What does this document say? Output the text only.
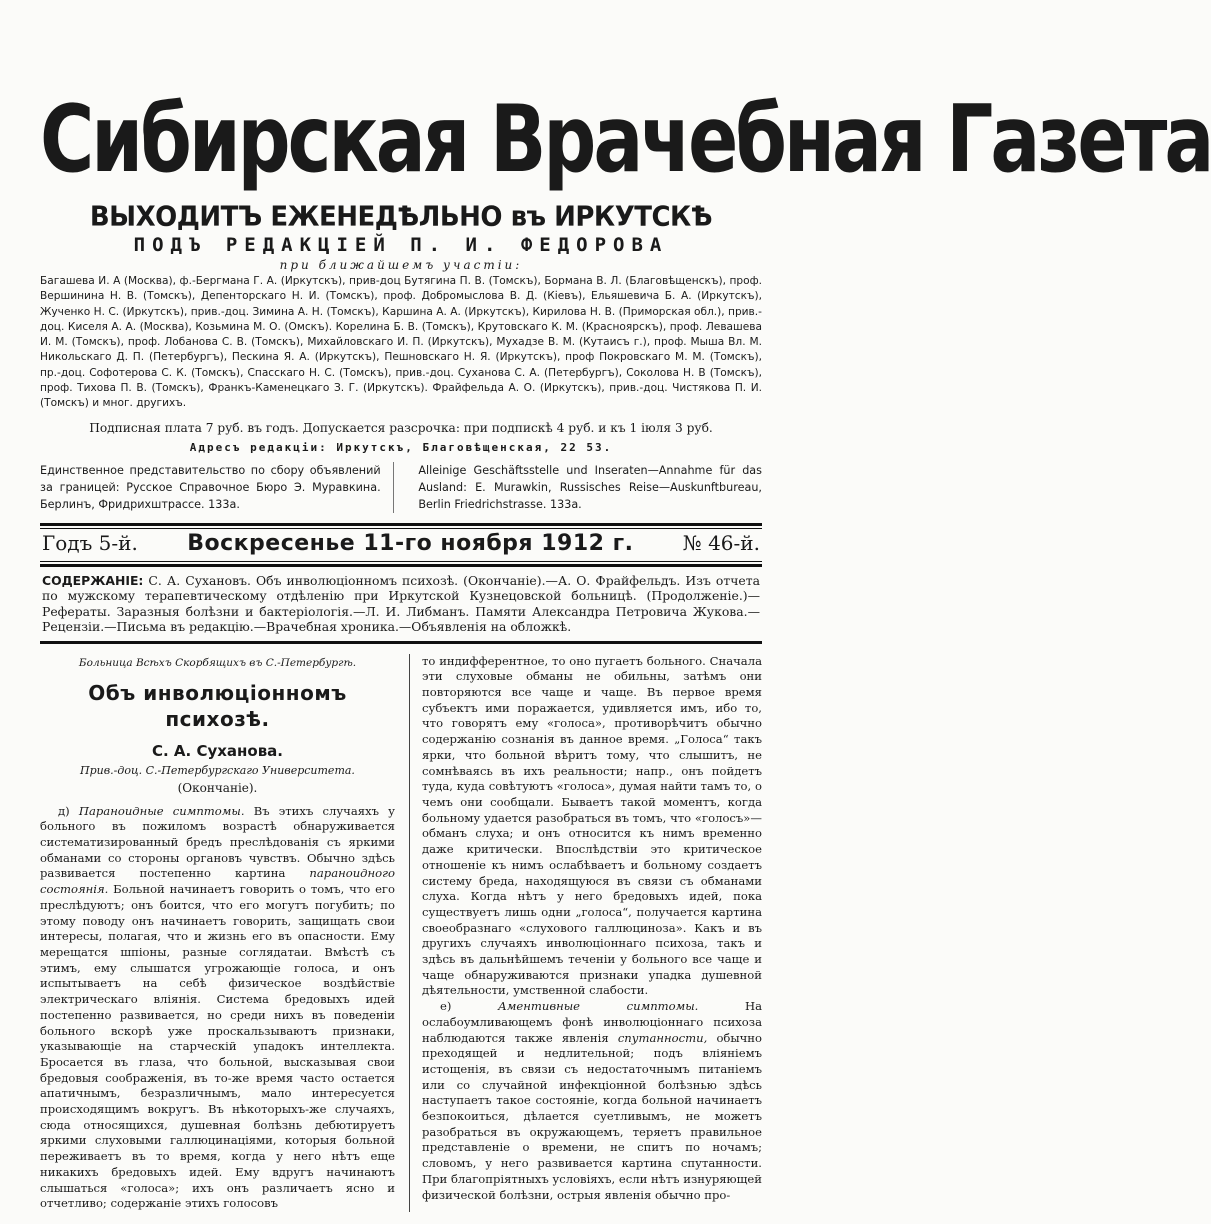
Сибирская Врачебная Газета
ВЫХОДИТЪ ЕЖЕНЕДѢЛЬНО въ ИРКУТСКѢ
ПОДЪ РЕДАКЦІЕЙ П. И. ФЕДОРОВА
при ближайшемъ участіи:
Багашева И. А (Москва), ф.-Бергмана Г. А. (Иркутскъ), прив-доц Бутягина П. В. (Томскъ), Бормана В. Л. (Благовѣщенскъ), проф. Вершинина Н. В. (Томскъ), Депенторскаго Н. И. (Томскъ), проф. Добромыслова В. Д. (Кіевъ), Ельяшевича Б. А. (Иркутскъ), Жученко Н. С. (Иркутскъ), прив.-доц. Зимина А. Н. (Томскъ), Каршина А. А. (Иркутскъ), Кирилова Н. В. (Приморская обл.), прив.-доц. Киселя А. А. (Москва), Козьмина М. О. (Омскъ). Корелина Б. В. (Томскъ), Крутовскаго К. М. (Красноярскъ), проф. Левашева И. М. (Томскъ), проф. Лобанова С. В. (Томскъ), Михайловскаго И. П. (Иркутскъ), Мухадзе В. М. (Кутаисъ г.), проф. Мыша Вл. М. Никольскаго Д. П. (Петербургъ), Пескина Я. А. (Иркутскъ), Пешновскаго Н. Я. (Иркутскъ), проф Покровскаго М. М. (Томскъ), пр.-доц. Софотерова С. К. (Томскъ), Спасскаго Н. С. (Томскъ), прив.-доц. Суханова С. А. (Петербургъ), Соколова Н. В (Томскъ), проф. Тихова П. В. (Томскъ), Франкъ-Каменецкаго З. Г. (Иркутскъ). Фрайфельда А. О. (Иркутскъ), прив.-доц. Чистякова П. И. (Томскъ) и мног. другихъ.
Подписная плата 7 руб. въ годъ. Допускается разсрочка: при подпискѣ 4 руб. и къ 1 іюля 3 руб.
Адресъ редакціи: Иркутскъ, Благовѣщенская, 22 53.
Единственное представительство по сбору объявлений за границей: Русское Справочное Бюро Э. Муравкина. Берлинъ, Фридрихштрассе. 133а.
Alleinige Geschäftsstelle und Inseraten—Annahme für das Ausland: E. Murawkin, Russisches Reise—Auskunftbureau, Berlin Friedrichstrasse. 133a.
Годъ 5-й. Воскресенье 11-го ноября 1912 г. № 46-й.
СОДЕРЖАНІЕ: С. А. Сухановъ. Объ инволюціонномъ психозѣ. (Окончаніе).—А. О. Фрайфельдъ. Изъ отчета по мужскому терапевтическому отдѣленію при Иркутской Кузнецовской больницѣ. (Продолженіе.)—Рефераты. Заразныя болѣзни и бактеріологія.—Л. И. Либманъ. Памяти Александра Петровича Жукова.—Рецензіи.—Письма въ редакцію.—Врачебная хроника.—Объявленія на обложкѣ.
Больница Всѣхъ Скорбящихъ въ С.-Петербургѣ.
Объ инволюціонномъ психозѣ.
С. А. Суханова.
Прив.-доц. С.-Петербургскаго Университета.
(Окончаніе).

д) Параноидные симптомы. Въ этихъ случаяхъ у больного въ пожиломъ возрастѣ обнаруживается систематизированный бредъ преслѣдованія съ яркими обманами со стороны органовъ чувствъ. Обычно здѣсь развивается постепенно картина параноидного состоянія. Больной начинаетъ говорить о томъ, что его преслѣдуютъ; онъ боится, что его могутъ погубить; по этому поводу онъ начинаетъ говорить, защищать свои интересы, полагая, что и жизнь его въ опасности. Ему мерещатся шпіоны, разные соглядатаи. Вмѣстѣ съ этимъ, ему слышатся угрожающіе голоса, и онъ испытываетъ на себѣ физическое воздѣйствіе электрическаго вліянія. Система бредовыхъ идей постепенно развивается, но среди нихъ въ поведеніи больного вскорѣ уже проскальзываютъ признаки, указывающіе на старческій упадокъ интеллекта. Бросается въ глаза, что больной, высказывая свои бредовыя соображенія, въ то-же время часто остается апатичнымъ, безразличнымъ, мало интересуется происходящимъ вокругъ. Въ нѣкоторыхъ-же случаяхъ, сюда относящихся, душевная болѣзнь дебютируетъ яркими слуховыми галлюцинаціями, которыя больной переживаетъ въ то время, когда у него нѣтъ еще никакихъ бредовыхъ идей. Ему вдругъ начинаютъ слышаться «голоса»; ихъ онъ различаетъ ясно и отчетливо; содержаніе этихъ голосовъ

то индифферентное, то оно пугаетъ больного. Сначала эти слуховые обманы не обильны, затѣмъ они повторяются все чаще и чаще. Въ первое время субъектъ ими поражается, удивляется имъ, ибо то, что говорятъ ему «голоса», противорѣчитъ обычно содержанію сознанія въ данное время. „Голоса“ такъ ярки, что больной вѣритъ тому, что слышитъ, не сомнѣваясь въ ихъ реальности; напр., онъ пойдетъ туда, куда совѣтуютъ «голоса», думая найти тамъ то, о чемъ они сообщали. Бываетъ такой моментъ, когда больному удается разобраться въ томъ, что «голосъ»—обманъ слуха; и онъ относится къ нимъ временно даже критически. Впослѣдствіи это критическое отношеніе къ нимъ ослабѣваетъ и больному создаетъ систему бреда, находящуюся въ связи съ обманами слуха. Когда нѣтъ у него бредовыхъ идей, пока существуетъ лишь одни „голоса“, получается картина своеобразнаго «слухового галлюциноза». Какъ и въ другихъ случаяхъ инволюціоннаго психоза, такъ и здѣсь въ дальнѣйшемъ теченіи у больного все чаще и чаще обнаруживаются признаки упадка душевной дѣятельности, умственной слабости.

е) Аментивные симптомы. На ослабоумливающемъ фонѣ инволюціоннаго психоза наблюдаются также явленія спутанности, обычно преходящей и недлительной; подъ вліяніемъ истощенія, въ связи съ недостаточнымъ питаніемъ или со случайной инфекціонной болѣзнью здѣсь наступаетъ такое состояніе, когда больной начинаетъ безпокоиться, дѣлается суетливымъ, не можетъ разобраться въ окружающемъ, теряетъ правильное представленіе о времени, не спитъ по ночамъ; словомъ, у него развивается картина спутанности. При благопріятныхъ условіяхъ, если нѣтъ изнуряющей физической болѣзни, острыя явленія обычно про-
